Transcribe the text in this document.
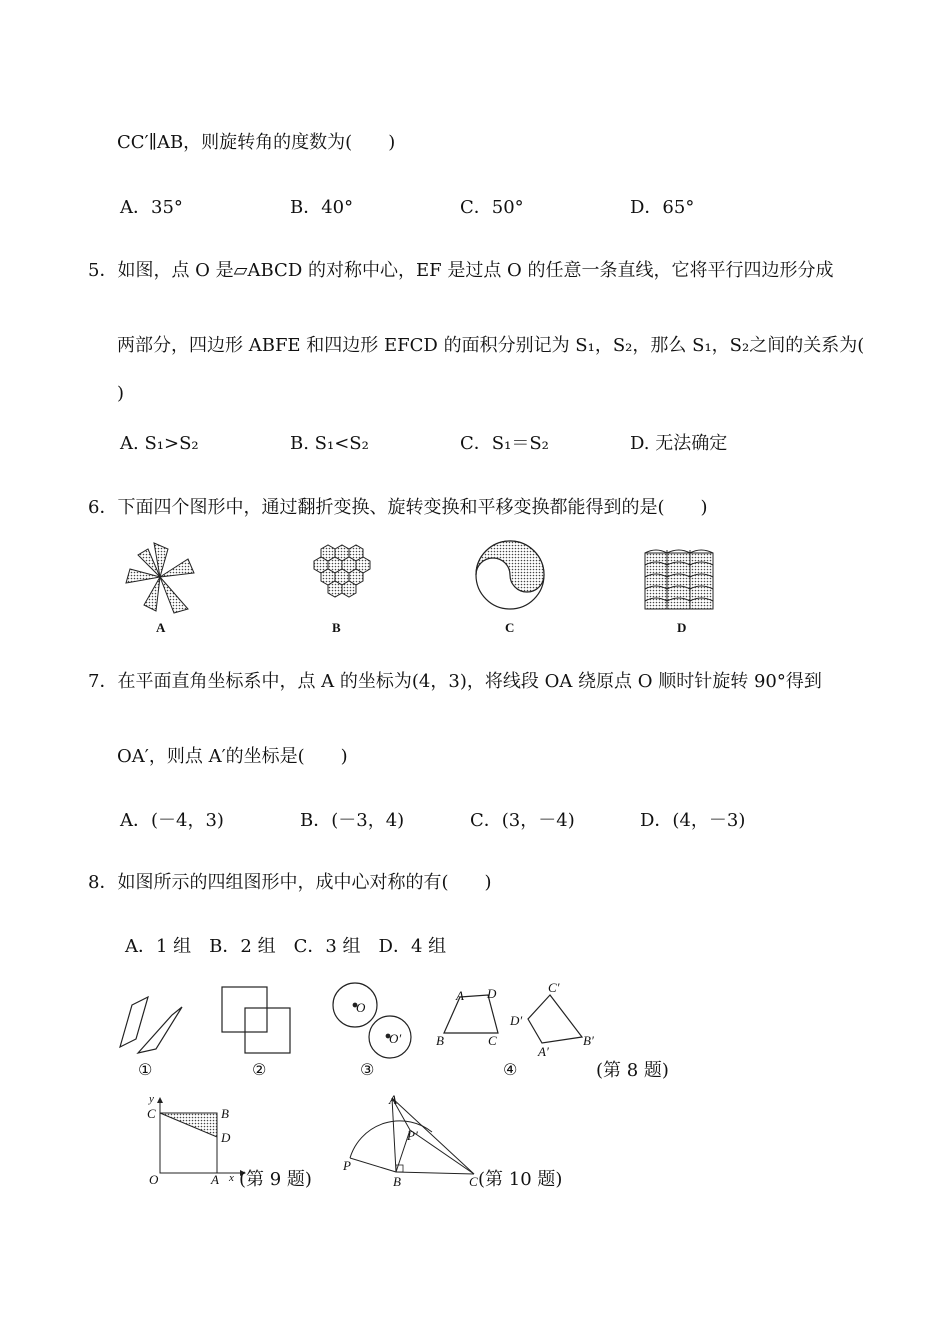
CC′∥AB，则旋转角的度数为(　　)
A．35°	B．40°	C．50°	D．65°
5．如图，点 O 是▱ABCD 的对称中心，EF 是过点 O 的任意一条直线，它将平行四边形分成
两部分，四边形 ABFE 和四边形 EFCD 的面积分别记为 S₁，S₂，那么 S₁，S₂之间的关系为(
)
A. S₁>S₂	B. S₁<S₂	C．S₁＝S₂	D. 无法确定
6．下面四个图形中，通过翻折变换、旋转变换和平移变换都能得到的是(　　)
A	B	C	D
7．在平面直角坐标系中，点 A 的坐标为(4，3)，将线段 OA 绕原点 O 顺时针旋转 90°得到
OA′，则点 A′的坐标是(　　)
A．(－4，3)	B．(－3，4)	C．(3，－4)	D．(4，－3)
8．如图所示的四组图形中，成中心对称的有(　　)
A．1 组　B．2 组　C．3 组　D．4 组
O
O′
A D
B	C
C′
D′
A′
B′
①	②	③	④	(第 8 题)
y
C	B
D
O	A x (第 9 题)
A
P′
P
B	C (第 10 题)
